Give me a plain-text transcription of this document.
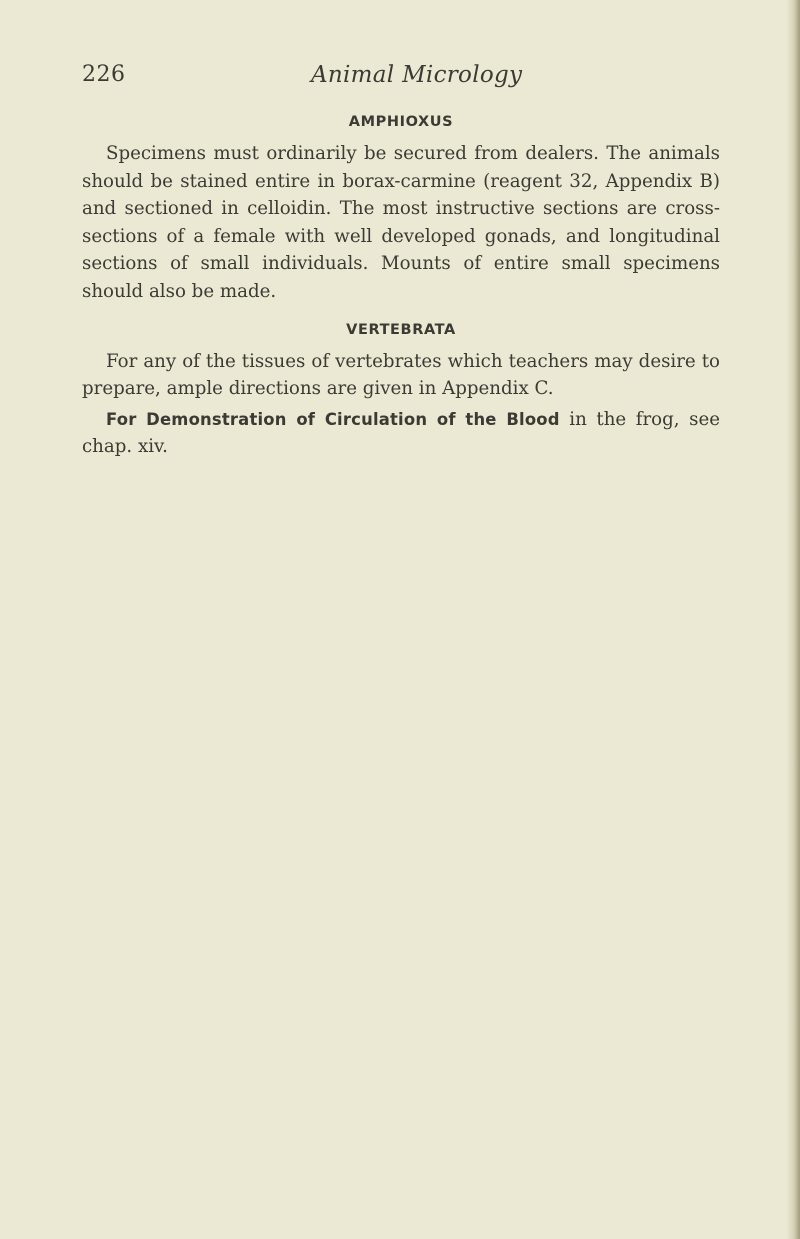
226	Animal Micrology
AMPHIOXUS

Specimens must ordinarily be secured from dealers. The animals should be stained entire in borax-carmine (reagent 32, Appendix B) and sectioned in celloidin. The most instructive sections are cross-sections of a female with well developed gonads, and longitudinal sections of small individuals. Mounts of entire small specimens should also be made.

VERTEBRATA

For any of the tissues of vertebrates which teachers may desire to prepare, ample directions are given in Appendix C.

For Demonstration of Circulation of the Blood in the frog, see chap. xiv.
